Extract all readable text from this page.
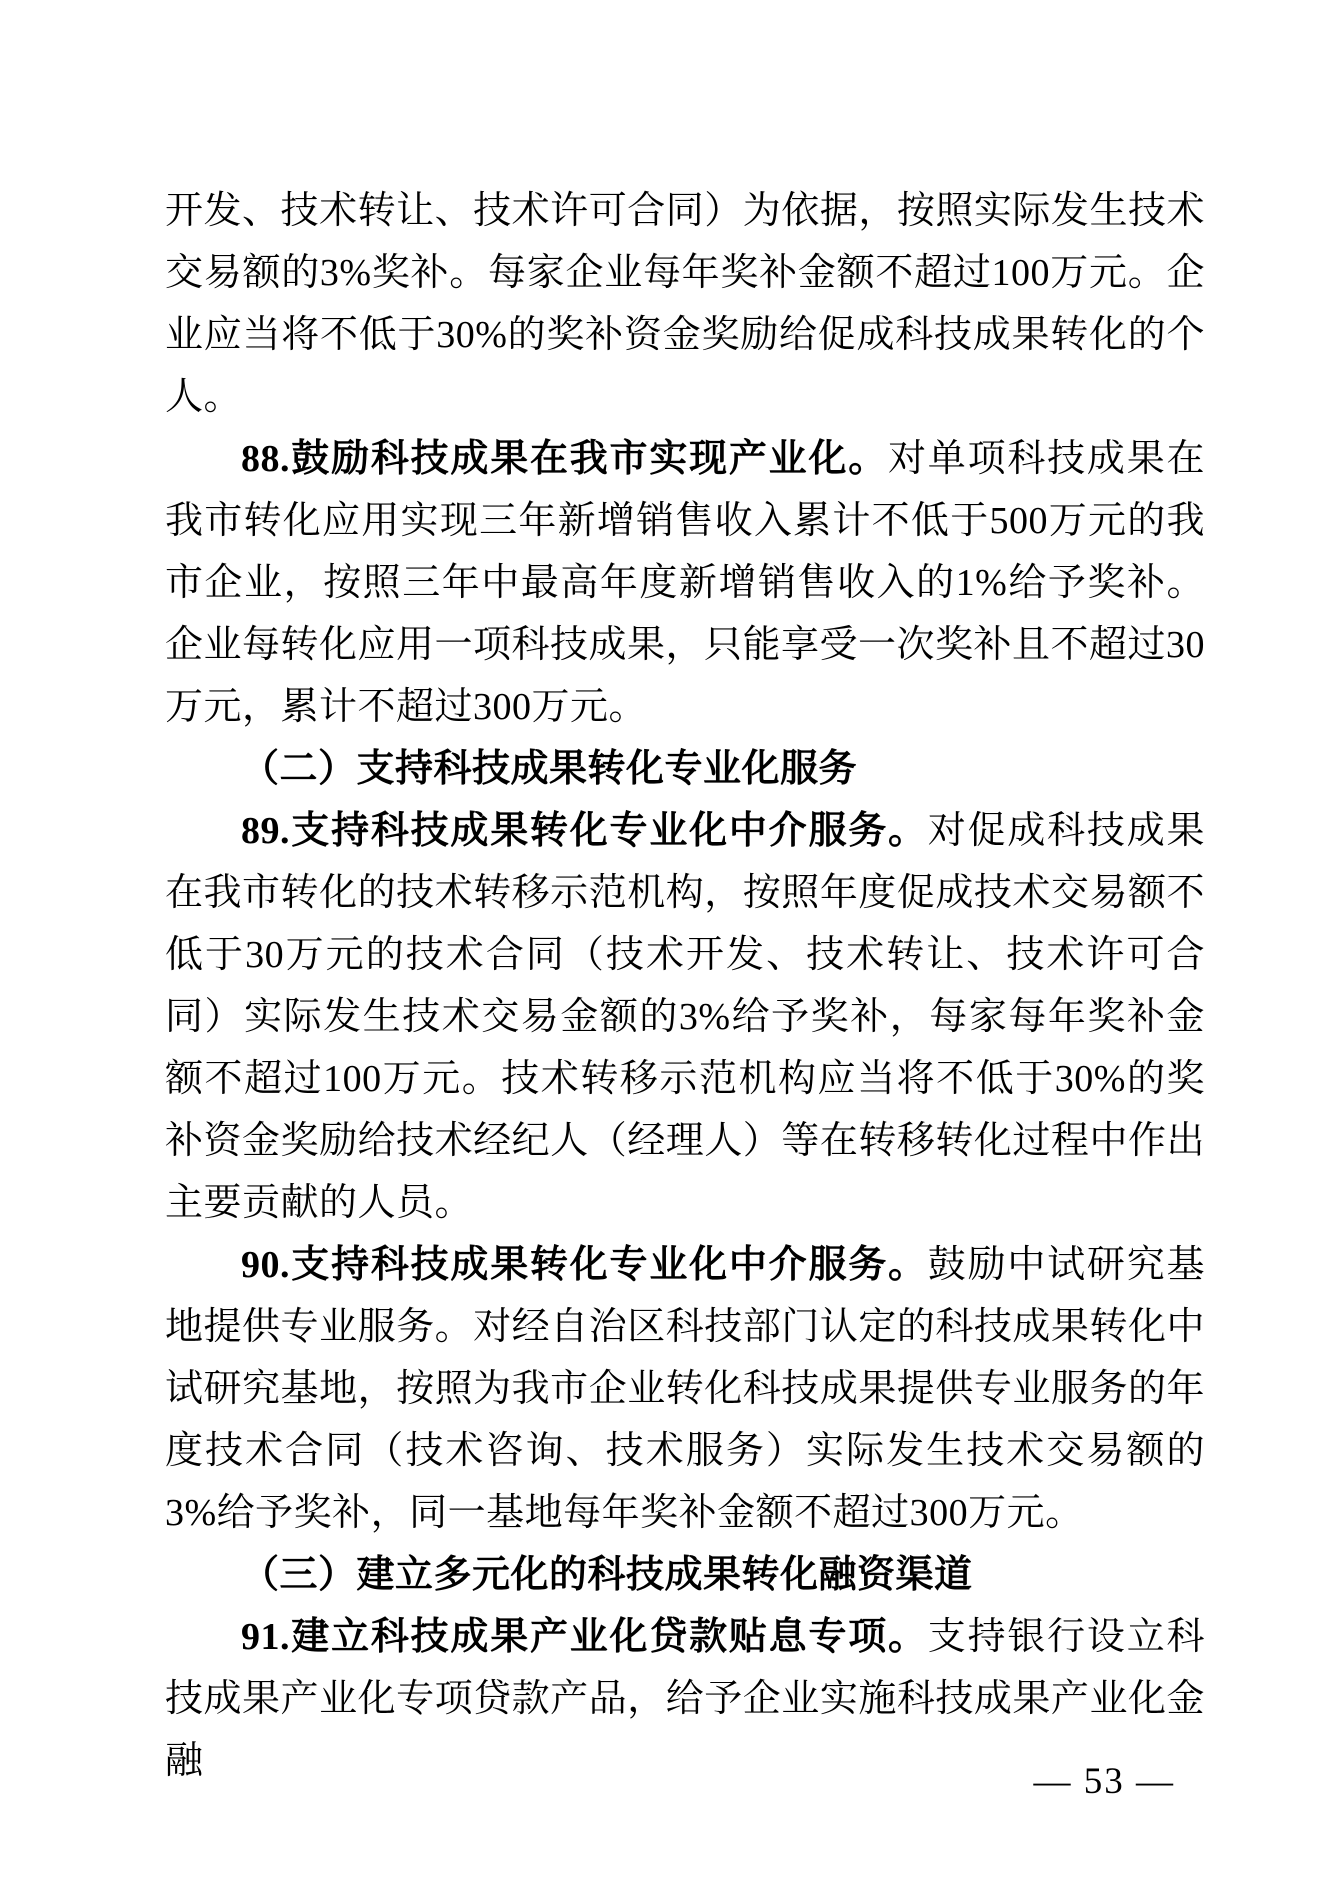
开发、技术转让、技术许可合同）为依据，按照实际发生技术交易额的3%奖补。每家企业每年奖补金额不超过100万元。企业应当将不低于30%的奖补资金奖励给促成科技成果转化的个人。

88.鼓励科技成果在我市实现产业化。对单项科技成果在我市转化应用实现三年新增销售收入累计不低于500万元的我市企业，按照三年中最高年度新增销售收入的1%给予奖补。企业每转化应用一项科技成果，只能享受一次奖补且不超过30万元，累计不超过300万元。

（二）支持科技成果转化专业化服务

89.支持科技成果转化专业化中介服务。对促成科技成果在我市转化的技术转移示范机构，按照年度促成技术交易额不低于30万元的技术合同（技术开发、技术转让、技术许可合同）实际发生技术交易金额的3%给予奖补，每家每年奖补金额不超过100万元。技术转移示范机构应当将不低于30%的奖补资金奖励给技术经纪人（经理人）等在转移转化过程中作出主要贡献的人员。

90.支持科技成果转化专业化中介服务。鼓励中试研究基地提供专业服务。对经自治区科技部门认定的科技成果转化中试研究基地，按照为我市企业转化科技成果提供专业服务的年度技术合同（技术咨询、技术服务）实际发生技术交易额的3%给予奖补，同一基地每年奖补金额不超过300万元。

（三）建立多元化的科技成果转化融资渠道

91.建立科技成果产业化贷款贴息专项。支持银行设立科技成果产业化专项贷款产品，给予企业实施科技成果产业化金融	— 53 —
